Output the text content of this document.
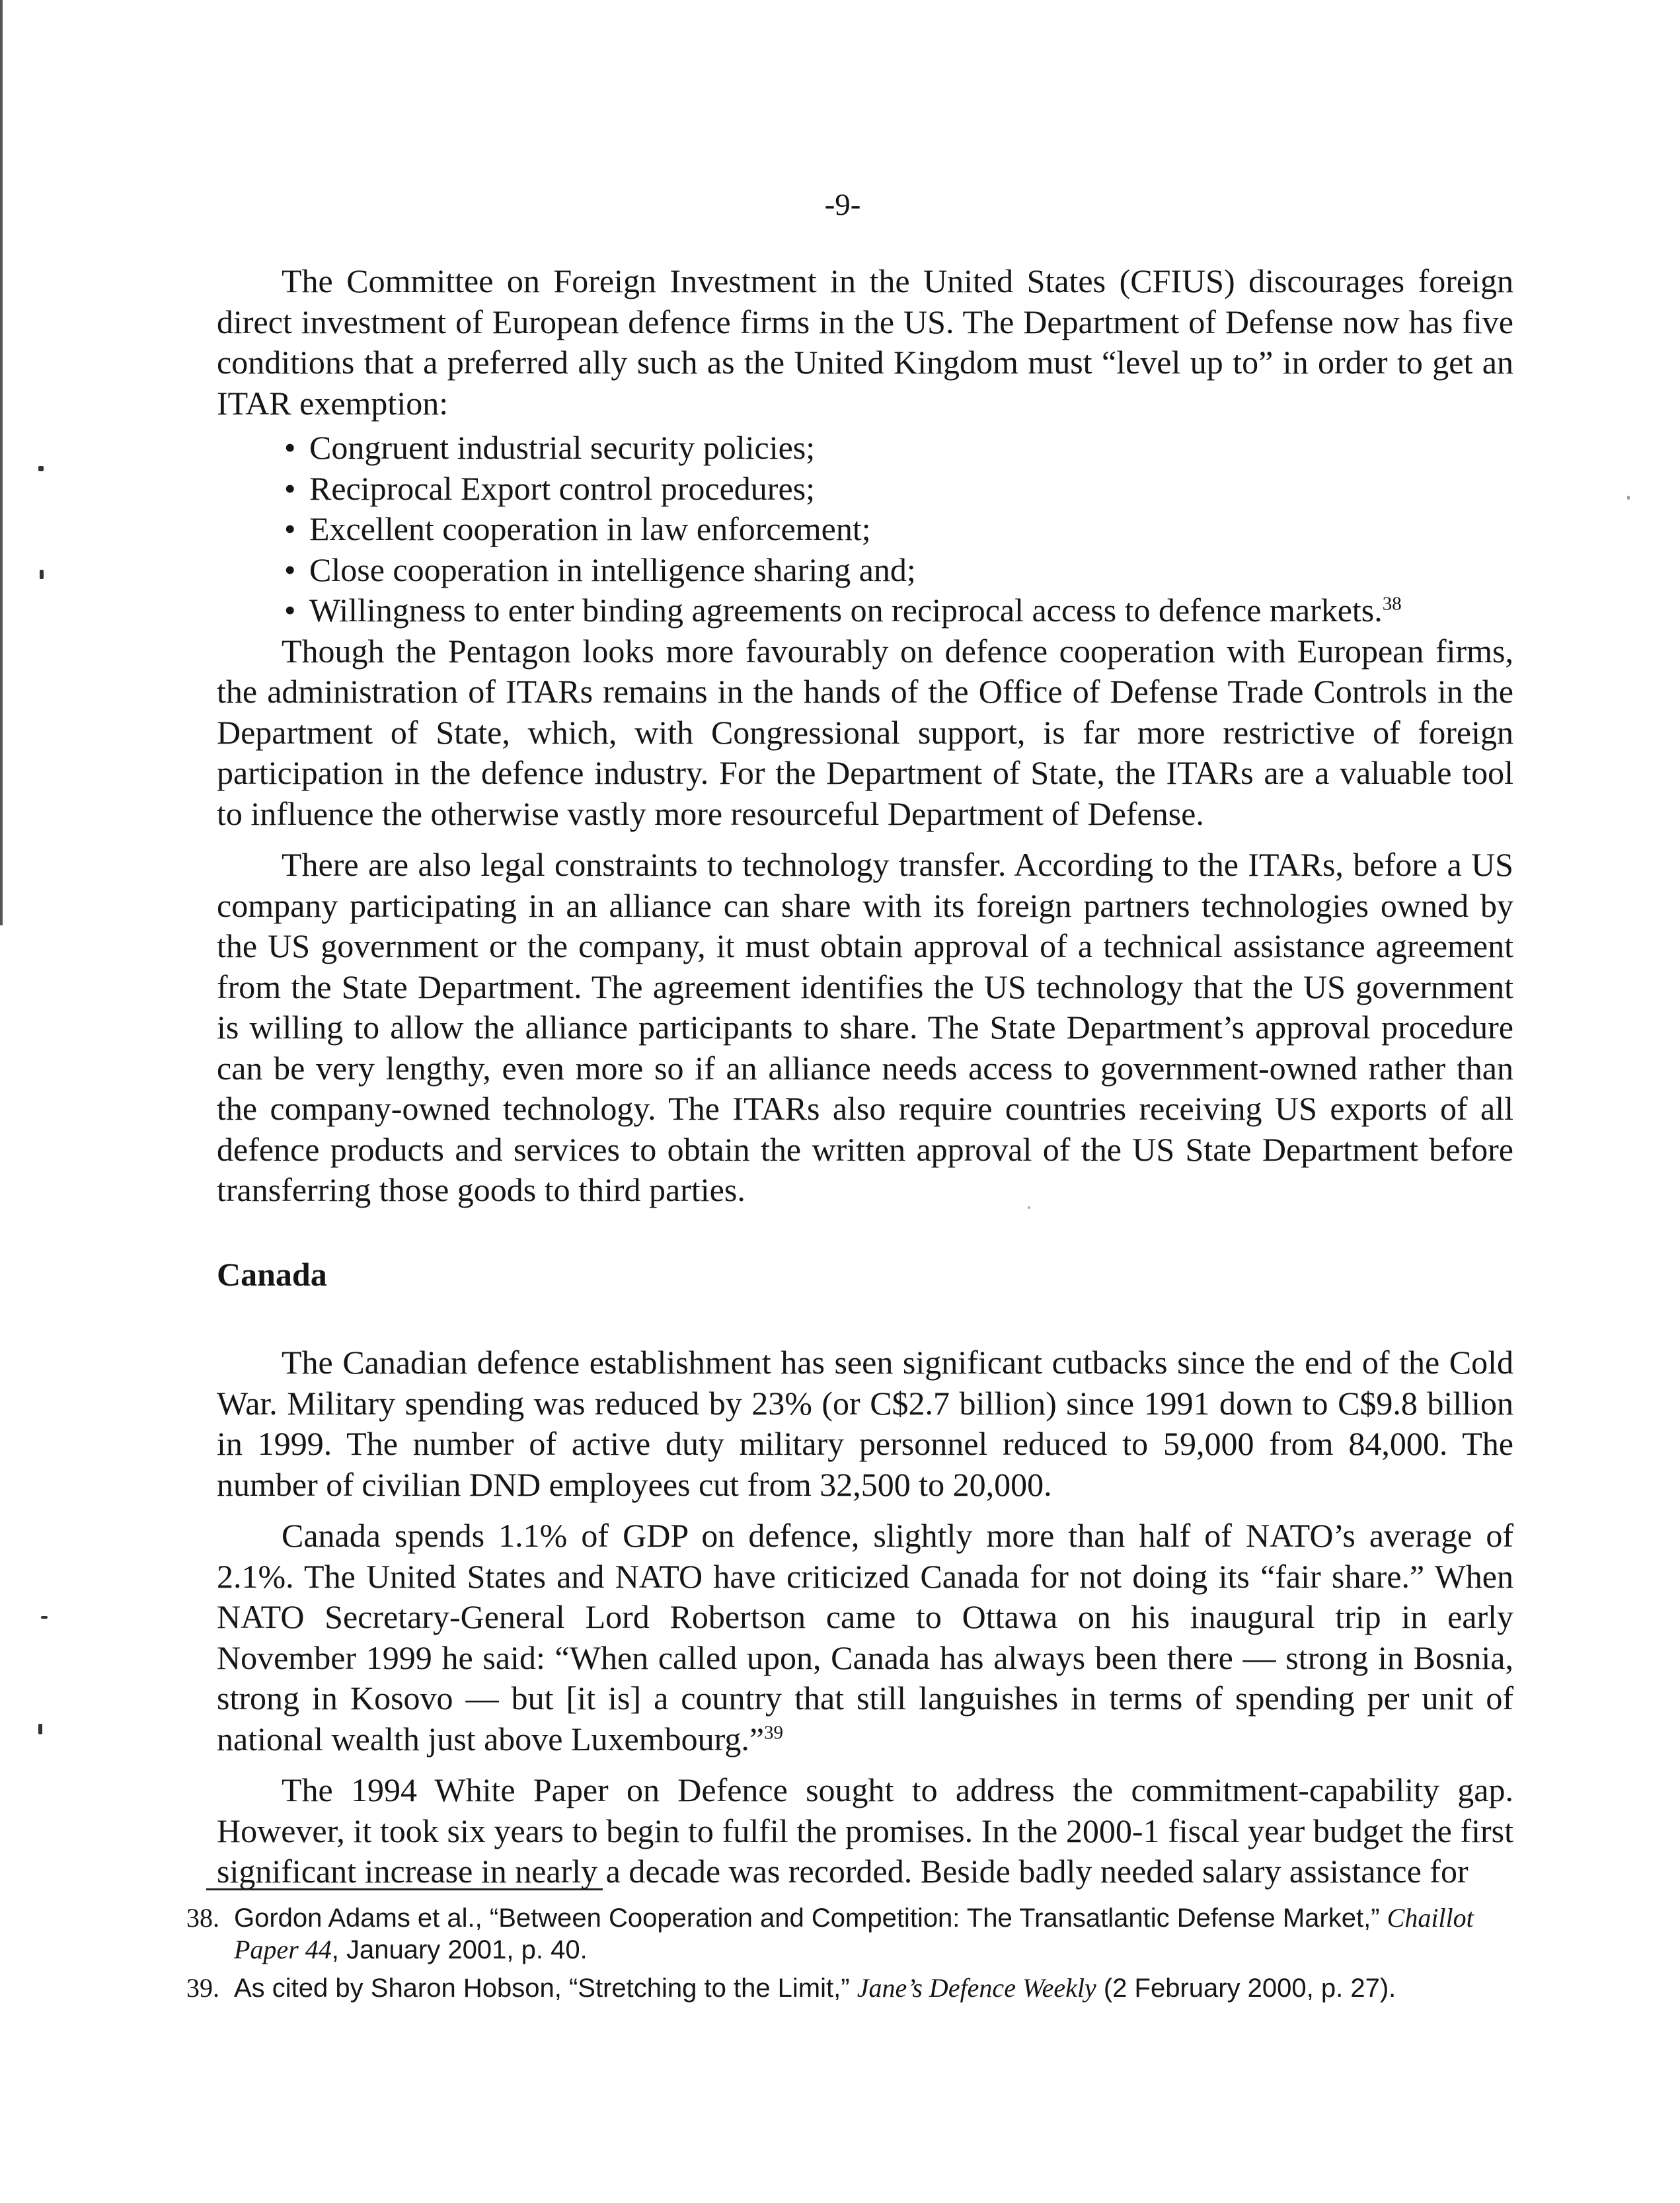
-9-

The Committee on Foreign Investment in the United States (CFIUS) discourages foreign direct investment of European defence firms in the US. The Department of Defense now has five conditions that a preferred ally such as the United Kingdom must “level up to” in order to get an ITAR exemption:

• Congruent industrial security policies;
• Reciprocal Export control procedures;
• Excellent cooperation in law enforcement;
• Close cooperation in intelligence sharing and;
• Willingness to enter binding agreements on reciprocal access to defence markets.$^{38}$

Though the Pentagon looks more favourably on defence cooperation with European firms, the administration of ITARs remains in the hands of the Office of Defense Trade Controls in the Department of State, which, with Congressional support, is far more restrictive of foreign participation in the defence industry. For the Department of State, the ITARs are a valuable tool to influence the otherwise vastly more resourceful Department of Defense.

There are also legal constraints to technology transfer. According to the ITARs, before a US company participating in an alliance can share with its foreign partners technologies owned by the US government or the company, it must obtain approval of a technical assistance agreement from the State Department. The agreement identifies the US technology that the US government is willing to allow the alliance participants to share. The State Department’s approval procedure can be very lengthy, even more so if an alliance needs access to government-owned rather than the company-owned technology. The ITARs also require countries receiving US exports of all defence products and services to obtain the written approval of the US State Department before transferring those goods to third parties.

Canada

The Canadian defence establishment has seen significant cutbacks since the end of the Cold War. Military spending was reduced by 23% (or C$2.7 billion) since 1991 down to C$9.8 billion in 1999. The number of active duty military personnel reduced to 59,000 from 84,000. The number of civilian DND employees cut from 32,500 to 20,000.

Canada spends 1.1% of GDP on defence, slightly more than half of NATO’s average of 2.1%. The United States and NATO have criticized Canada for not doing its “fair share.” When NATO Secretary-General Lord Robertson came to Ottawa on his inaugural trip in early November 1999 he said: “When called upon, Canada has always been there — strong in Bosnia, strong in Kosovo — but [it is] a country that still languishes in terms of spending per unit of national wealth just above Luxembourg.”$^{39}$

The 1994 White Paper on Defence sought to address the commitment-capability gap. However, it took six years to begin to fulfil the promises. In the 2000-1 fiscal year budget the first significant increase in nearly a decade was recorded. Beside badly needed salary assistance for

38. Gordon Adams et al., “Between Cooperation and Competition: The Transatlantic Defense Market,” Chaillot Paper 44, January 2001, p. 40.
39. As cited by Sharon Hobson, “Stretching to the Limit,” Jane’s Defence Weekly (2 February 2000, p. 27).
